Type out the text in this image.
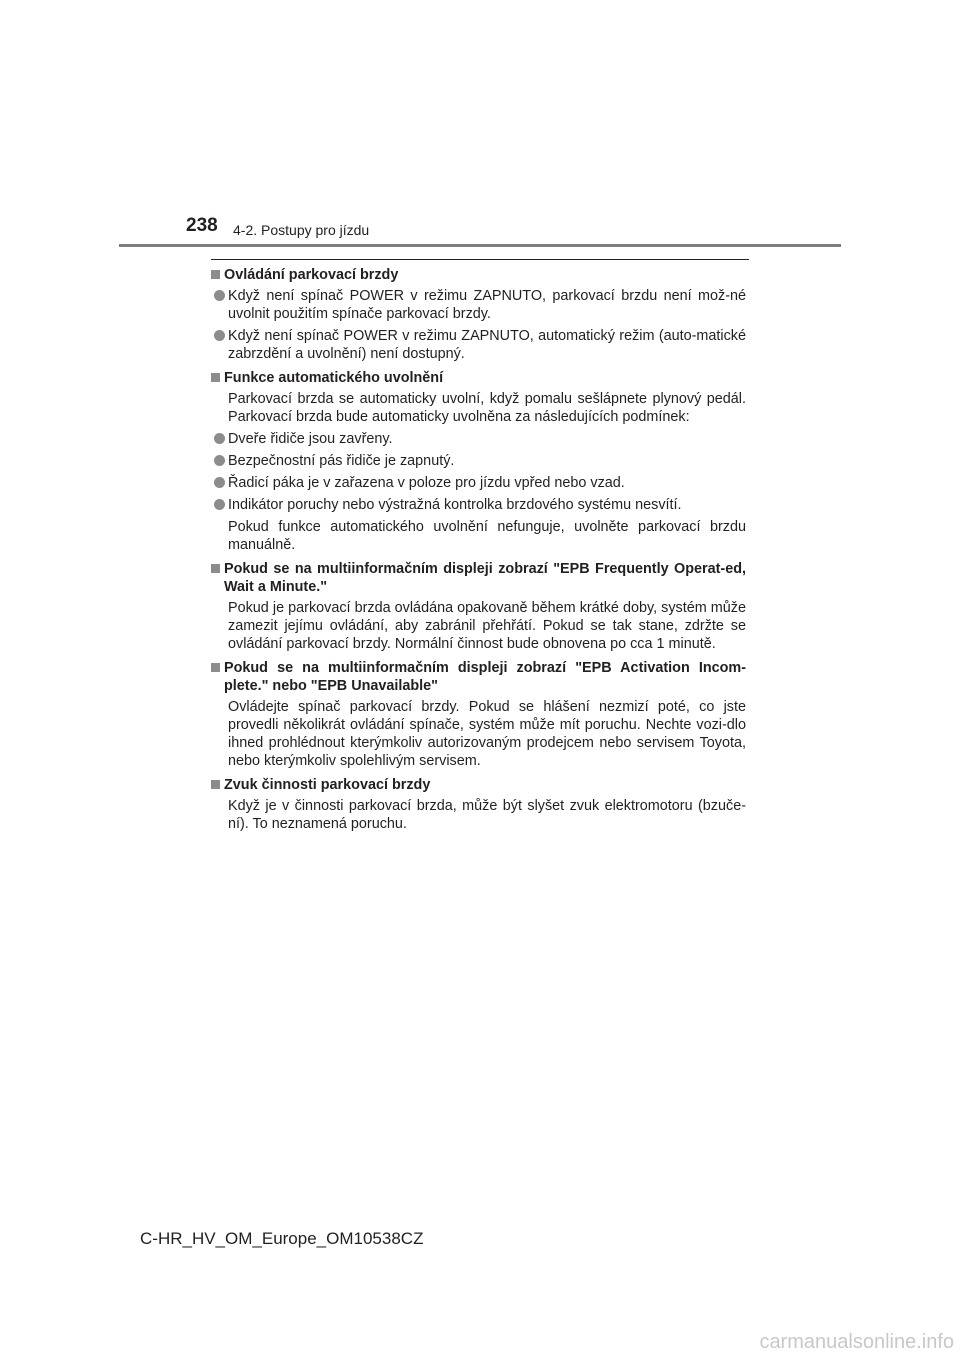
238 4-2. Postupy pro jízdu
Ovládání parkovací brzdy
Když není spínač POWER v režimu ZAPNUTO, parkovací brzdu není mož-né uvolnit použitím spínače parkovací brzdy.
Když není spínač POWER v režimu ZAPNUTO, automatický režim (auto-matické zabrzdění a uvolnění) není dostupný.
Funkce automatického uvolnění
Parkovací brzda se automaticky uvolní, když pomalu sešlápnete plynový pedál. Parkovací brzda bude automaticky uvolněna za následujících podmínek:
Dveře řidiče jsou zavřeny.
Bezpečnostní pás řidiče je zapnutý.
Řadicí páka je v zařazena v poloze pro jízdu vpřed nebo vzad.
Indikátor poruchy nebo výstražná kontrolka brzdového systému nesvítí.
Pokud funkce automatického uvolnění nefunguje, uvolněte parkovací brzdu manuálně.
Pokud se na multiinformačním displeji zobrazí "EPB Frequently Operat-ed, Wait a Minute."
Pokud je parkovací brzda ovládána opakovaně během krátké doby, systém může zamezit jejímu ovládání, aby zabránil přehřátí. Pokud se tak stane, zdržte se ovládání parkovací brzdy. Normální činnost bude obnovena po cca 1 minutě.
Pokud se na multiinformačním displeji zobrazí "EPB Activation Incom-plete." nebo "EPB Unavailable"
Ovládejte spínač parkovací brzdy. Pokud se hlášení nezmizí poté, co jste provedli několikrát ovládání spínače, systém může mít poruchu. Nechte vozi-dlo ihned prohlédnout kterýmkoliv autorizovaným prodejcem nebo servisem Toyota, nebo kterýmkoliv spolehlivým servisem.
Zvuk činnosti parkovací brzdy
Když je v činnosti parkovací brzda, může být slyšet zvuk elektromotoru (bzuče-ní). To neznamená poruchu.
C-HR_HV_OM_Europe_OM10538CZ
carmanualsonline.info
